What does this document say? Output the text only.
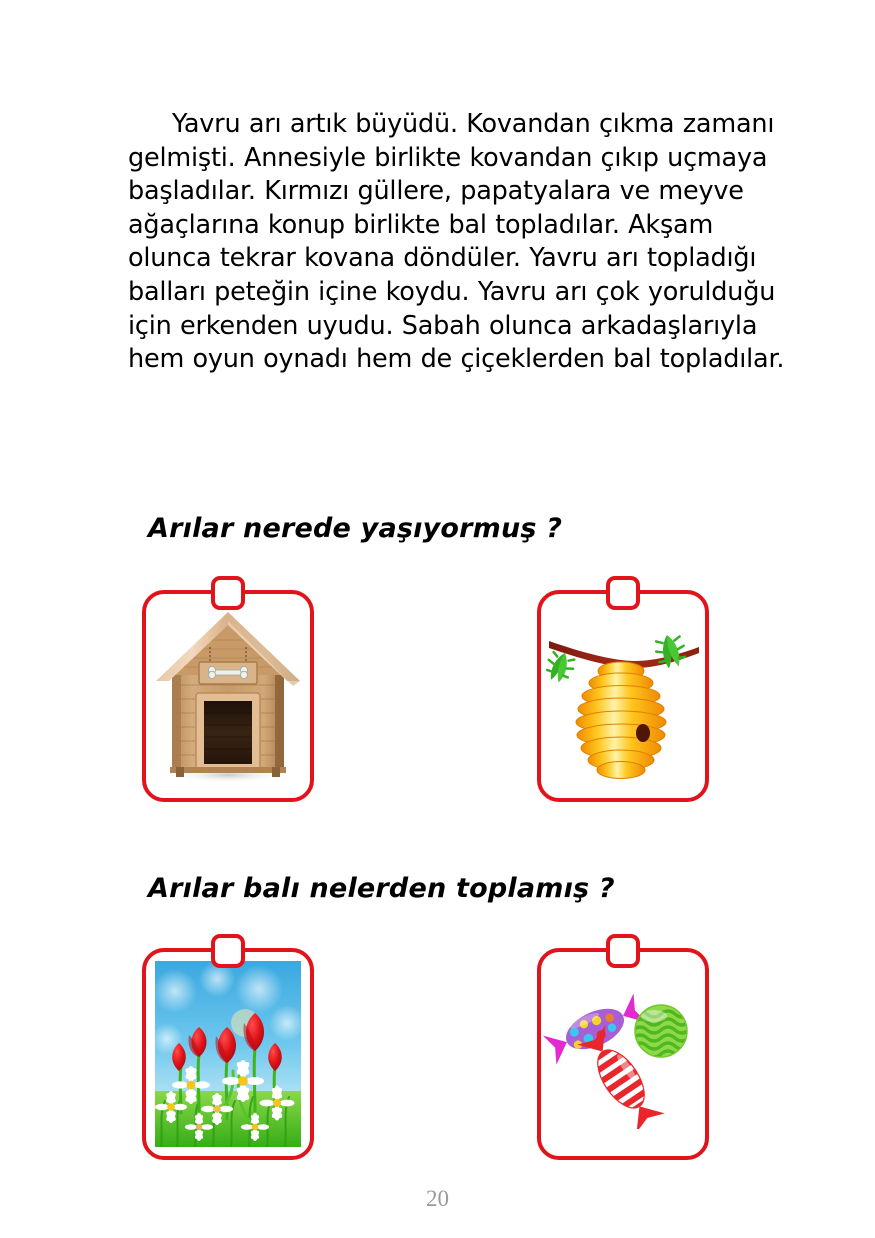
Yavru arı artık büyüdü. Kovandan çıkma zamanı gelmişti. Annesiyle birlikte kovandan çıkıp uçmaya başladılar. Kırmızı güllere, papatyalara ve meyve ağaçlarına konup birlikte bal topladılar. Akşam olunca tekrar kovana döndüler. Yavru arı topladığı balları peteğin içine koydu. Yavru arı çok yorulduğu için erkenden uyudu. Sabah olunca arkadaşlarıyla hem oyun oynadı hem de çiçeklerden bal topladılar.
Arılar nerede yaşıyormuş ?
Arılar balı nelerden toplamış ?
20
